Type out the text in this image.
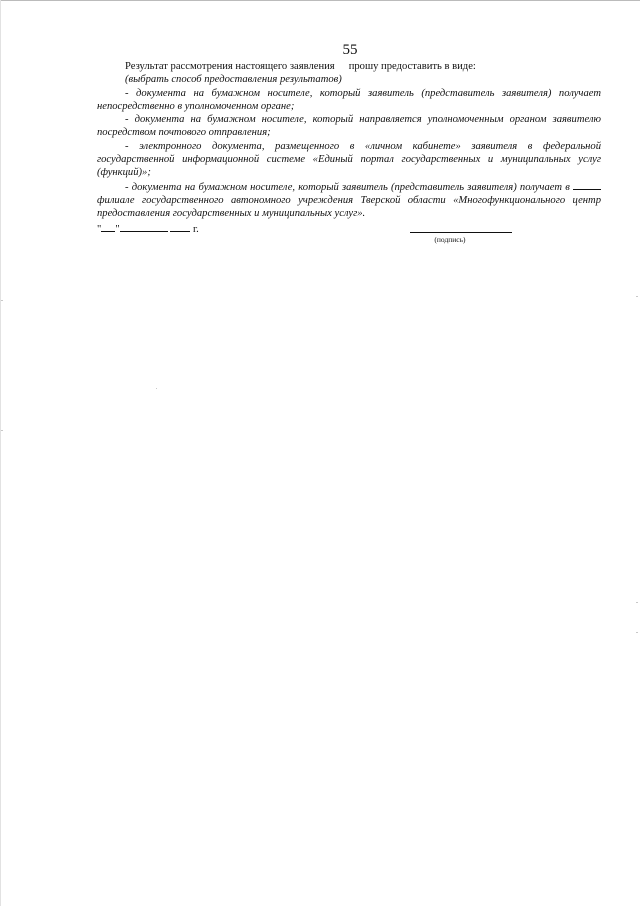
55

Результат рассмотрения настоящего заявления прошу предоставить в виде:

(выбрать способ предоставления результатов)

- документа на бумажном носителе, который заявитель (представитель заявителя) получает непосредственно в уполномоченном органе;

- документа на бумажном носителе, который направляется уполномоченным органом заявителю посредством почтового отправления;

- электронного документа, размещенного в «личном кабинете» заявителя в федеральной государственной информационной системе «Единый портал государственных и муниципальных услуг (функций)»;

- документа на бумажном носителе, который заявитель (представитель заявителя) получает в  филиале государственного автономного учреждения Тверской области «Многофункционального центр предоставления государственных и муниципальных услуг».

" "	г.
(подпись)
